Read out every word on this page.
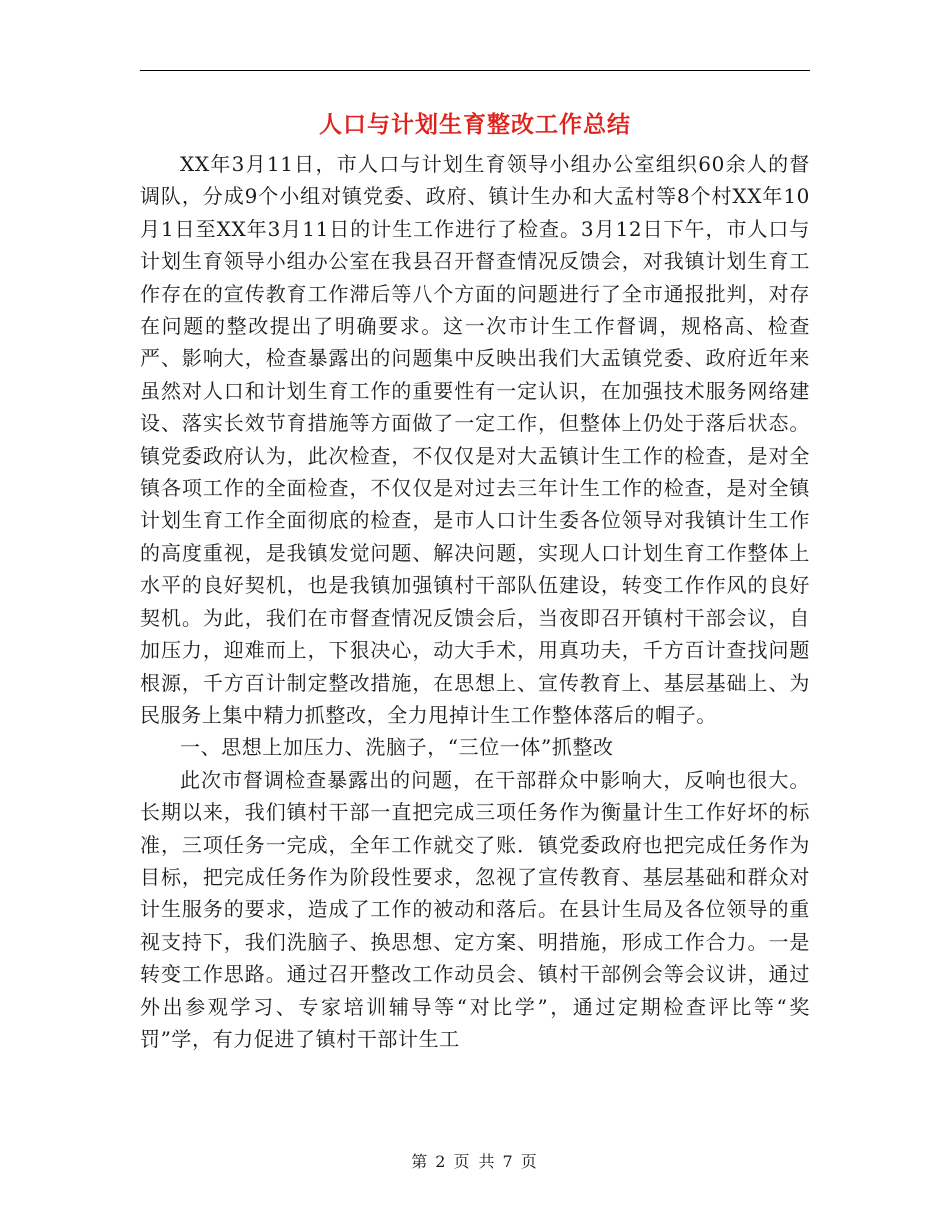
人口与计划生育整改工作总结

XX年3月11日，市人口与计划生育领导小组办公室组织60余人的督调队，分成9个小组对镇党委、政府、镇计生办和大孟村等8个村XX年10月1日至XX年3月11日的计生工作进行了检查。3月12日下午，市人口与计划生育领导小组办公室在我县召开督查情况反馈会，对我镇计划生育工作存在的宣传教育工作滞后等八个方面的问题进行了全市通报批判，对存在问题的整改提出了明确要求。这一次市计生工作督调，规格高、检查严、影响大，检查暴露出的问题集中反映出我们大盂镇党委、政府近年来虽然对人口和计划生育工作的重要性有一定认识，在加强技术服务网络建设、落实长效节育措施等方面做了一定工作，但整体上仍处于落后状态。镇党委政府认为，此次检查，不仅仅是对大盂镇计生工作的检查，是对全镇各项工作的全面检查，不仅仅是对过去三年计生工作的检查，是对全镇计划生育工作全面彻底的检查，是市人口计生委各位领导对我镇计生工作的高度重视，是我镇发觉问题、解决问题，实现人口计划生育工作整体上水平的良好契机，也是我镇加强镇村干部队伍建设，转变工作作风的良好契机。为此，我们在市督查情况反馈会后，当夜即召开镇村干部会议，自加压力，迎难而上，下狠决心，动大手术，用真功夫，千方百计查找问题根源，千方百计制定整改措施，在思想上、宣传教育上、基层基础上、为民服务上集中精力抓整改，全力甩掉计生工作整体落后的帽子。

一、思想上加压力、洗脑子，“三位一体”抓整改

此次市督调检查暴露出的问题，在干部群众中影响大，反响也很大。长期以来，我们镇村干部一直把完成三项任务作为衡量计生工作好坏的标准，三项任务一完成，全年工作就交了账．镇党委政府也把完成任务作为目标，把完成任务作为阶段性要求，忽视了宣传教育、基层基础和群众对计生服务的要求，造成了工作的被动和落后。在县计生局及各位领导的重视支持下，我们洗脑子、换思想、定方案、明措施，形成工作合力。一是转变工作思路。通过召开整改工作动员会、镇村干部例会等会议讲，通过外出参观学习、专家培训辅导等“对比学”，通过定期检查评比等“奖罚”学，有力促进了镇村干部计生工

第 2 页 共 7 页
